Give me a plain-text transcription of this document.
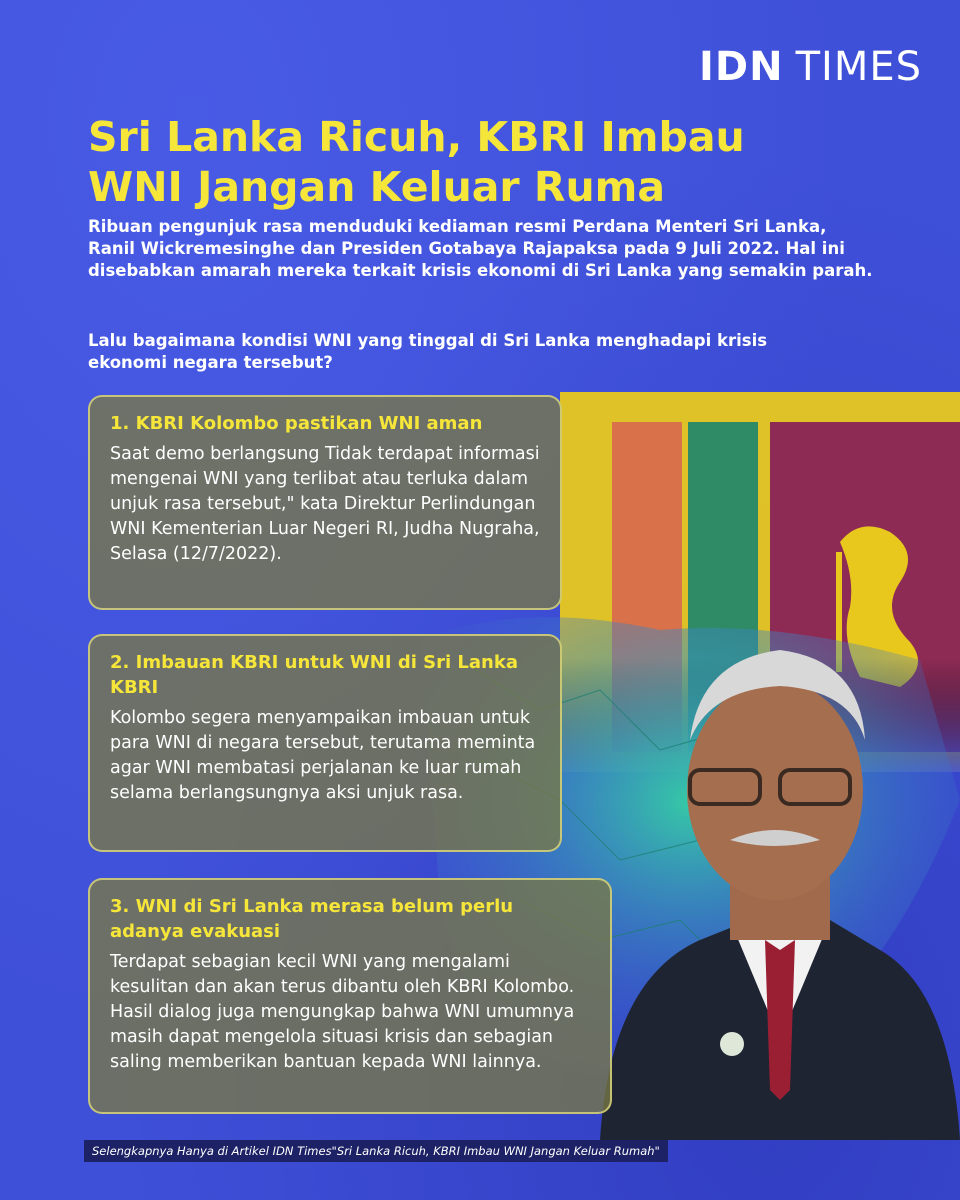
IDN TIMES
Sri Lanka Ricuh, KBRI Imbau
WNI Jangan Keluar Ruma

Ribuan pengunjuk rasa menduduki kediaman resmi Perdana Menteri Sri Lanka, Ranil Wickremesinghe dan Presiden Gotabaya Rajapaksa pada 9 Juli 2022. Hal ini disebabkan amarah mereka terkait krisis ekonomi di Sri Lanka yang semakin parah.

Lalu bagaimana kondisi WNI yang tinggal di Sri Lanka menghadapi krisis ekonomi negara tersebut?

1. KBRI Kolombo pastikan WNI aman

Saat demo berlangsung Tidak terdapat informasi mengenai WNI yang terlibat atau terluka dalam unjuk rasa tersebut," kata Direktur Perlindungan WNI Kementerian Luar Negeri RI, Judha Nugraha, Selasa (12/7/2022).

2. Imbauan KBRI untuk WNI di Sri Lanka KBRI

Kolombo segera menyampaikan imbauan untuk para WNI di negara tersebut, terutama meminta agar WNI membatasi perjalanan ke luar rumah selama berlangsungnya aksi unjuk rasa.

3. WNI di Sri Lanka merasa belum perlu adanya evakuasi

Terdapat sebagian kecil WNI yang mengalami kesulitan dan akan terus dibantu oleh KBRI Kolombo. Hasil dialog juga mengungkap bahwa WNI umumnya masih dapat mengelola situasi krisis dan sebagian saling memberikan bantuan kepada WNI lainnya.

Selengkapnya Hanya di Artikel IDN Times"Sri Lanka Ricuh, KBRI Imbau WNI Jangan Keluar Rumah"
